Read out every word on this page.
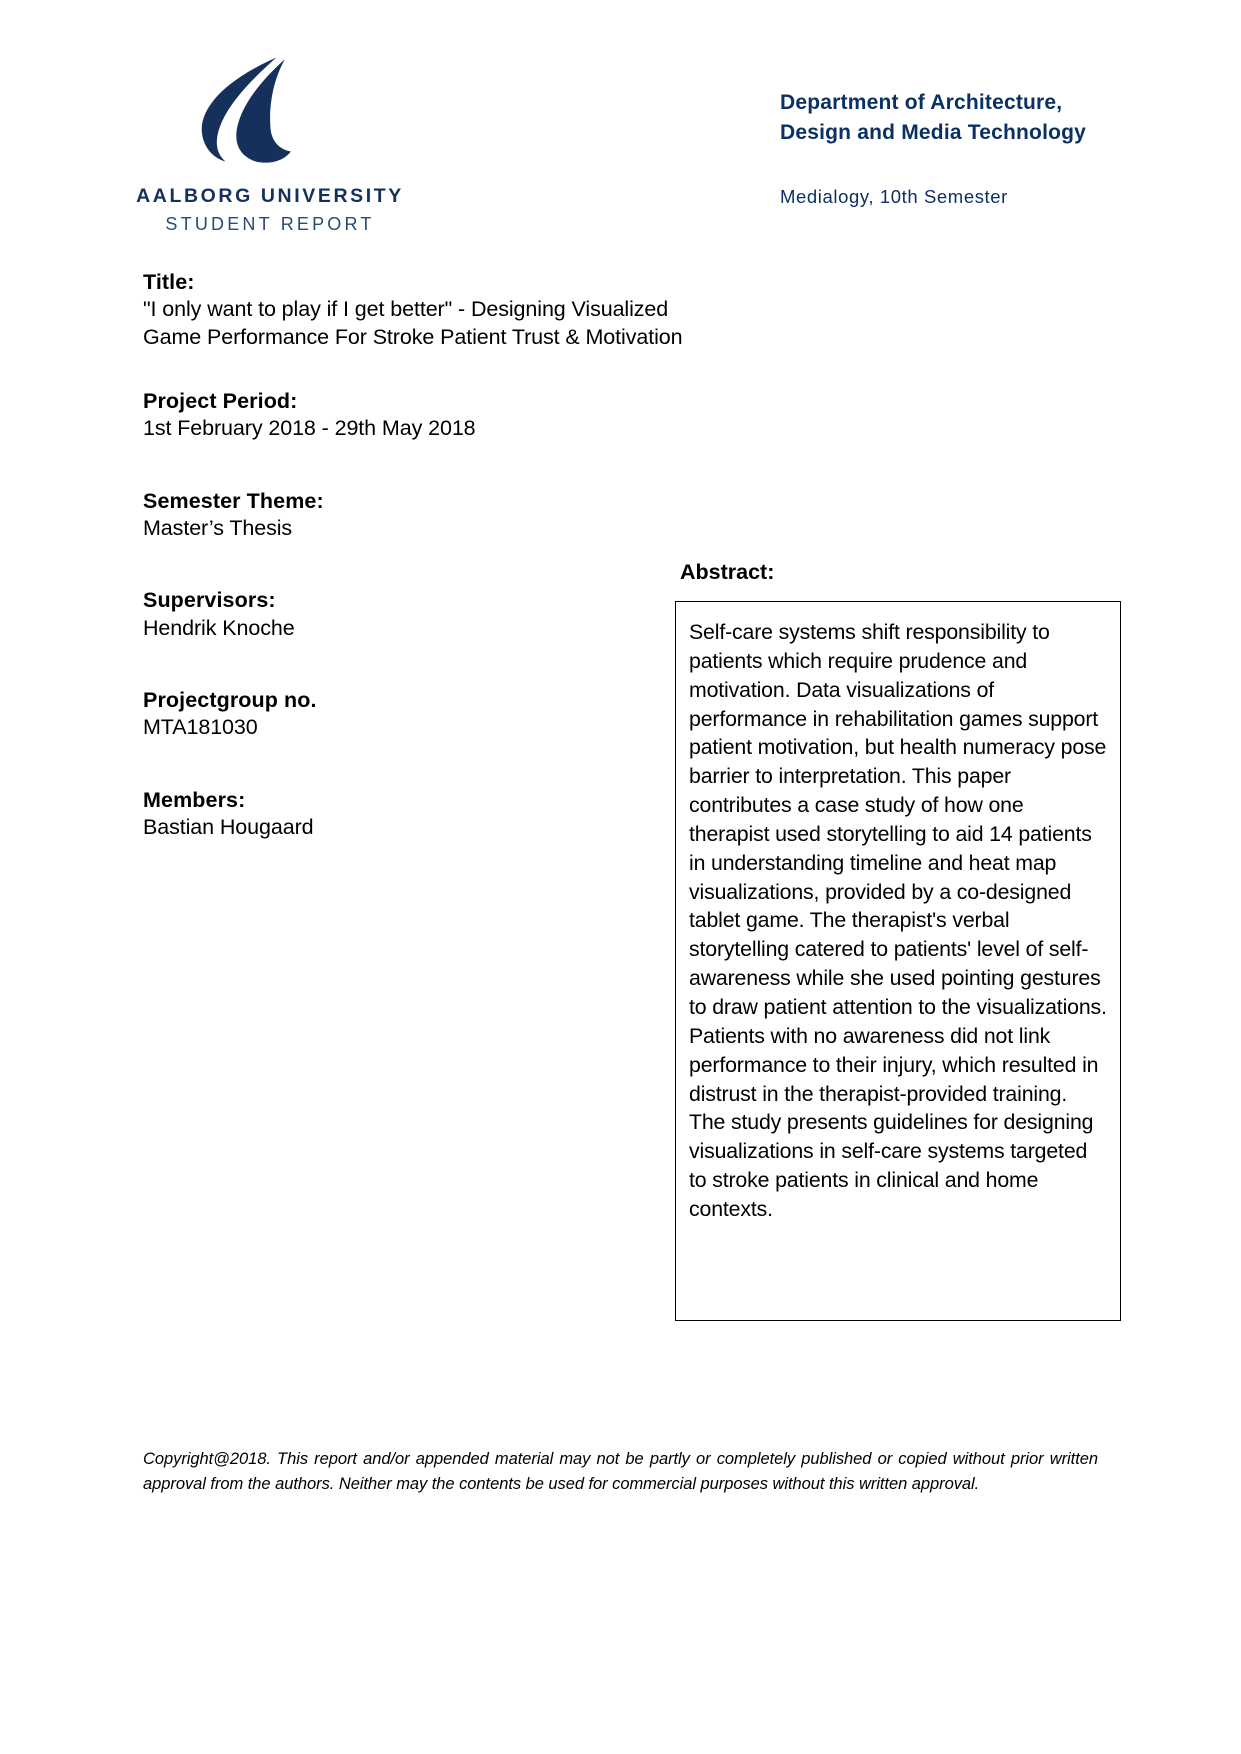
AALBORG UNIVERSITY
STUDENT REPORT
Department of Architecture,
Design and Media Technology
Medialogy, 10th Semester
Title:
"I only want to play if I get better" - Designing Visualized
Game Performance For Stroke Patient Trust & Motivation
Project Period:
1st February 2018 - 29th May 2018
Semester Theme:
Master’s Thesis
Supervisors:
Hendrik Knoche
Projectgroup no.
MTA181030
Members:
Bastian Hougaard
Abstract:
Self-care systems shift responsibility to patients which require prudence and motivation. Data visualizations of performance in rehabilitation games support patient motivation, but health numeracy pose barrier to interpretation. This paper contributes a case study of how one therapist used storytelling to aid 14 patients in understanding timeline and heat map visualizations, provided by a co-designed tablet game. The therapist's verbal storytelling catered to patients' level of self-awareness while she used pointing gestures to draw patient attention to the visualizations. Patients with no awareness did not link performance to their injury, which resulted in distrust in the therapist-provided training. The study presents guidelines for designing visualizations in self-care systems targeted to stroke patients in clinical and home contexts.
Copyright@2018. This report and/or appended material may not be partly or completely published or copied without prior written approval from the authors. Neither may the contents be used for commercial purposes without this written approval.
